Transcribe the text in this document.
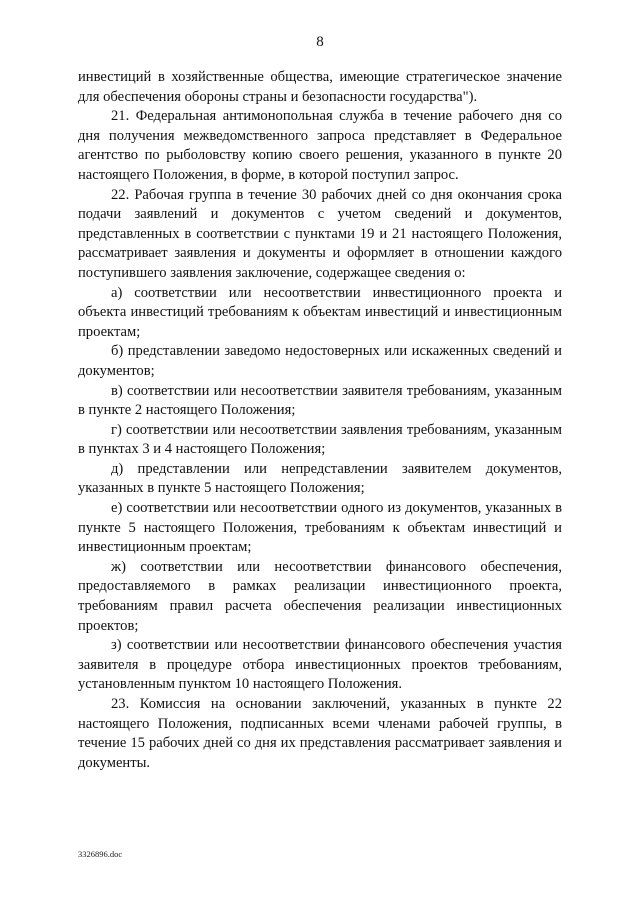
8

инвестиций в хозяйственные общества, имеющие стратегическое значение для обеспечения обороны страны и безопасности государства").

21. Федеральная антимонопольная служба в течение рабочего дня со дня получения межведомственного запроса представляет в Федеральное агентство по рыболовству копию своего решения, указанного в пункте 20 настоящего Положения, в форме, в которой поступил запрос.

22. Рабочая группа в течение 30 рабочих дней со дня окончания срока подачи заявлений и документов с учетом сведений и документов, представленных в соответствии с пунктами 19 и 21 настоящего Положения, рассматривает заявления и документы и оформляет в отношении каждого поступившего заявления заключение, содержащее сведения о:

а) соответствии или несоответствии инвестиционного проекта и объекта инвестиций требованиям к объектам инвестиций и инвестиционным проектам;

б) представлении заведомо недостоверных или искаженных сведений и документов;

в) соответствии или несоответствии заявителя требованиям, указанным в пункте 2 настоящего Положения;

г) соответствии или несоответствии заявления требованиям, указанным в пунктах 3 и 4 настоящего Положения;

д) представлении или непредставлении заявителем документов, указанных в пункте 5 настоящего Положения;

е) соответствии или несоответствии одного из документов, указанных в пункте 5 настоящего Положения, требованиям к объектам инвестиций и инвестиционным проектам;

ж) соответствии или несоответствии финансового обеспечения, предоставляемого в рамках реализации инвестиционного проекта, требованиям правил расчета обеспечения реализации инвестиционных проектов;

з) соответствии или несоответствии финансового обеспечения участия заявителя в процедуре отбора инвестиционных проектов требованиям, установленным пунктом 10 настоящего Положения.

23. Комиссия на основании заключений, указанных в пункте 22 настоящего Положения, подписанных всеми членами рабочей группы, в течение 15 рабочих дней со дня их представления рассматривает заявления и документы.

3326896.doc
